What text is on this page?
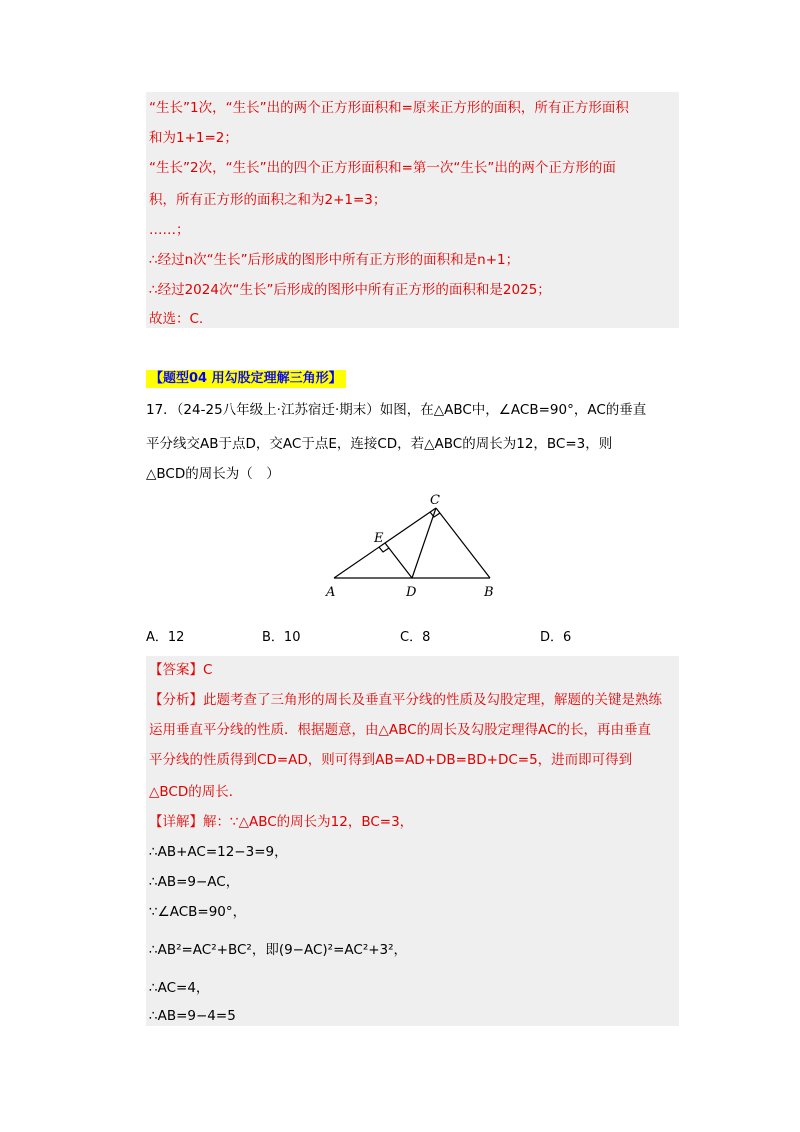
“生长”1次，“生长”出的两个正方形面积和=原来正方形的面积，所有正方形面积
和为1+1=2；
“生长”2次，“生长”出的四个正方形面积和=第一次“生长”出的两个正方形的面
积，所有正方形的面积之和为2+1=3；
……；
∴经过n次“生长”后形成的图形中所有正方形的面积和是n+1；
∴经过2024次“生长”后形成的图形中所有正方形的面积和是2025；
故选：C.
【题型04 用勾股定理解三角形】
17．（24-25八年级上·江苏宿迁·期末）如图，在△ABC中，∠ACB=90°，AC的垂直
平分线交AB于点D，交AC于点E，连接CD，若△ABC的周长为12，BC=3，则
△BCD的周长为（　）
A	B
C
D
E
A．12	B．10	C．8	D．6
【答案】C
【分析】此题考查了三角形的周长及垂直平分线的性质及勾股定理，解题的关键是熟练
运用垂直平分线的性质．根据题意，由△ABC的周长及勾股定理得AC的长，再由垂直
平分线的性质得到CD=AD，则可得到AB=AD+DB=BD+DC=5，进而即可得到
△BCD的周长．
【详解】解：∵△ABC的周长为12，BC=3，
∴AB+AC=12−3=9，
∴AB=9−AC，
∵∠ACB=90°，
∴AB²=AC²+BC²，即(9−AC)²=AC²+3²，
∴AC=4，
∴AB=9−4=5
